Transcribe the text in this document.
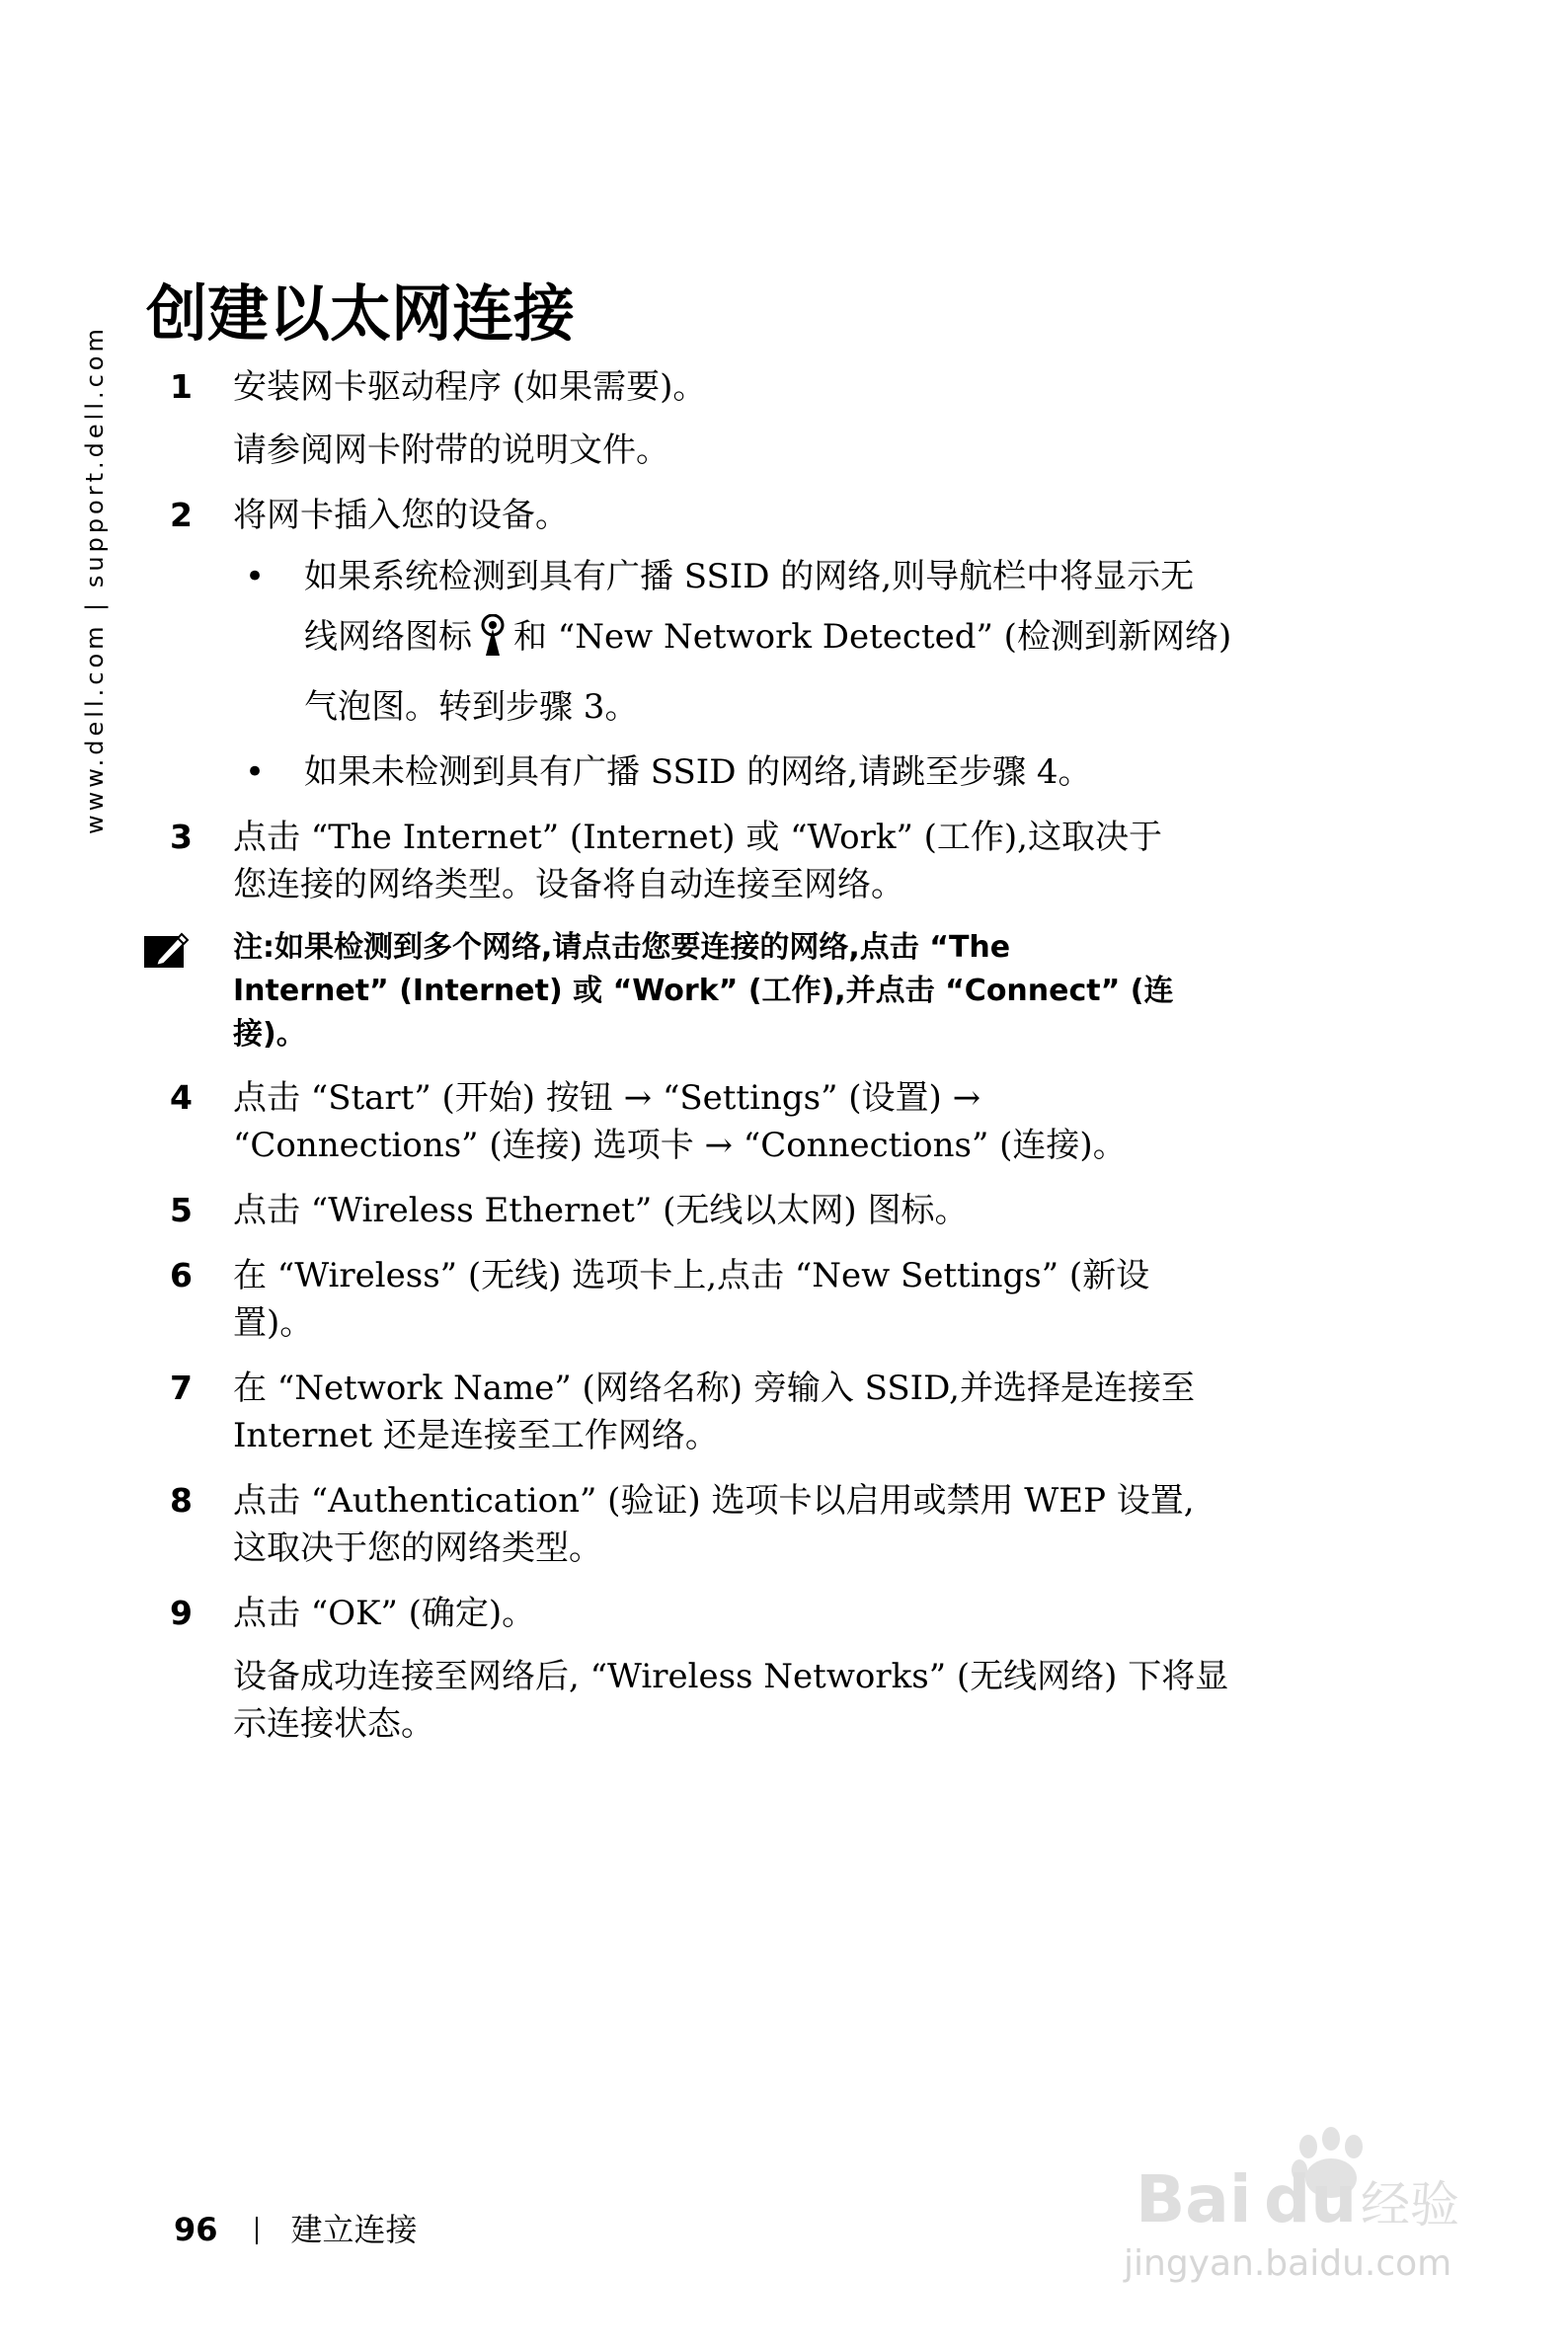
www.dell.com | support.dell.com
创建以太网连接
1 安装网卡驱动程序 (如果需要)。
请参阅网卡附带的说明文件。
2 将网卡插入您的设备。
• 如果系统检测到具有广播 SSID 的网络,则导航栏中将显示无
线网络图标 和 “New Network Detected” (检测到新网络)
气泡图。转到步骤 3。
• 如果未检测到具有广播 SSID 的网络,请跳至步骤 4。
3 点击 “The Internet” (Internet) 或 “Work” (工作),这取决于
您连接的网络类型。设备将自动连接至网络。
注:如果检测到多个网络,请点击您要连接的网络,点击 “The
Internet” (Internet) 或 “Work” (工作),并点击 “Connect” (连
接)。
4 点击 “Start” (开始) 按钮 → “Settings” (设置) →
“Connections” (连接) 选项卡 → “Connections” (连接)。
5 点击 “Wireless Ethernet” (无线以太网) 图标。
6 在 “Wireless” (无线) 选项卡上,点击 “New Settings” (新设
置)。
7 在 “Network Name” (网络名称) 旁输入 SSID,并选择是连接至
Internet 还是连接至工作网络。
8 点击 “Authentication” (验证) 选项卡以启用或禁用 WEP 设置,
这取决于您的网络类型。
9 点击 “OK” (确定)。
设备成功连接至网络后, “Wireless Networks” (无线网络) 下将显
示连接状态。
96 建立连接	Bai du 经验
jingyan.baidu.com
